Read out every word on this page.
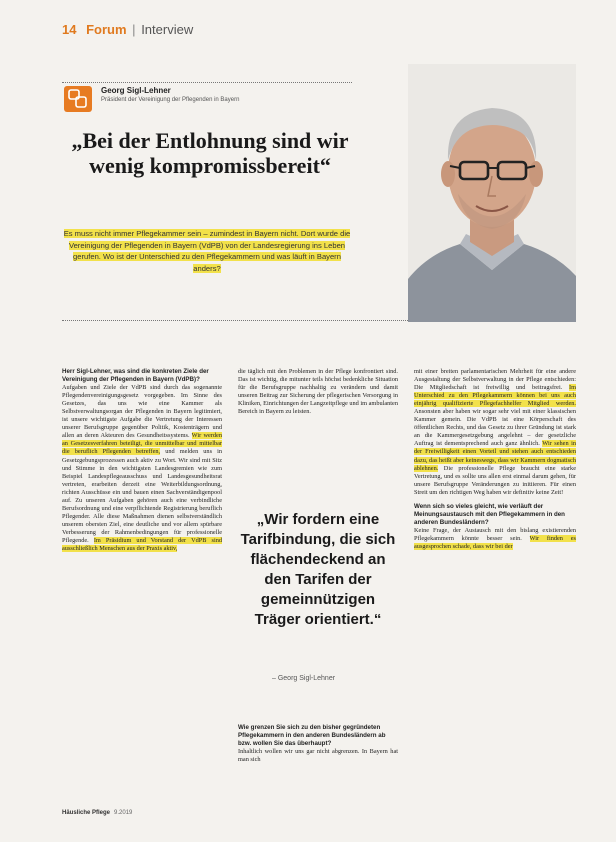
14 Forum | Interview
Georg Sigl-Lehner
Präsident der Vereinigung der Pflegenden in Bayern
„Bei der Entlohnung sind wir wenig kompromissbereit“
Es muss nicht immer Pflegekammer sein – zumindest in Bayern nicht. Dort wurde die Vereinigung der Pflegenden in Bayern (VdPB) von der Landesregierung ins Leben gerufen. Wo ist der Unterschied zu den Pflegekammern und was läuft in Bayern anders?

Herr Sigl-Lehner, was sind die konkreten Ziele der Vereinigung der Pflegenden in Bayern (VdPB)?

Aufgaben und Ziele der VdPB sind durch das sogenannte Pflegendenvereinigungsgesetz vorgegeben. Im Sinne des Gesetzes, das uns wie eine Kammer als Selbstverwaltungsorgan der Pflegenden in Bayern legitimiert, ist unsere wichtigste Aufgabe die Vertretung der Interessen unserer Berufsgruppe gegenüber Politik, Kostenträgern und allen an deren Akteuren des Gesundheitssystems. Wir werden an Gesetzesverfahren beteiligt, die unmittelbar und mittelbar die beruflich Pflegenden betreffen, und melden uns in Gesetzgebungsprozessen auch aktiv zu Wort. Wir sind mit Sitz und Stimme in den wichtigsten Landesgremien wie zum Beispiel Landespflegeausschuss und Landesgesundheitsrat vertreten, erarbeiten derzeit eine Weiterbildungsordnung, richten Ausschüsse ein und bauen einen Sachverständigenpool auf. Zu unseren Aufgaben gehören auch eine verbindliche Berufsordnung und eine verpflichtende Registrierung beruflich Pflegender. Alle diese Maßnahmen dienen selbstverständlich unserem obersten Ziel, eine deutliche und vor allem spürbare Verbesserung der Rahmenbedingungen für professionelle Pflegende. Im Präsidium und Vorstand der VdPB sind ausschließlich Menschen aus der Praxis aktiv,

die täglich mit den Problemen in der Pflege konfrontiert sind. Das ist wichtig, die mitunter teils höchst bedenkliche Situation für die Berufsgruppe nachhaltig zu verändern und damit unseren Beitrag zur Sicherung der pflegerischen Versorgung in Kliniken, Einrichtungen der Langzeitpflege und im ambulanten Bereich in Bayern zu leisten.

„Wir fordern eine Tarifbindung, die sich flächendeckend an den Tarifen der gemeinnützigen Träger orientiert.“
– Georg Sigl-Lehner

Wie grenzen Sie sich zu den bisher gegründeten Pflegekammern in den anderen Bundesländern ab bzw. wollen Sie das überhaupt?

Inhaltlich wollen wir uns gar nicht abgrenzen. In Bayern hat man sich

mit einer breiten parlamentarischen Mehrheit für eine andere Ausgestaltung der Selbstverwaltung in der Pflege entschieden: Die Mitgliedschaft ist freiwillig und beitragsfrei. Im Unterschied zu den Pflegekammern können bei uns auch einjährig qualifizierte Pflegefachhelfer Mitglied werden. Ansonsten aber haben wir sogar sehr viel mit einer klassischen Kammer gemein. Die VdPB ist eine Körperschaft des öffentlichen Rechts, und das Gesetz zu ihrer Gründung ist stark an die Kammergesetzgebung angelehnt – der gesetzliche Auftrag ist dementsprechend auch ganz ähnlich. Wir sehen in der Freiwilligkeit einen Vorteil und stehen auch entschieden dazu, das heißt aber keineswegs, dass wir Kammern dogmatisch ablehnen. Die professionelle Pflege braucht eine starke Vertretung, und es sollte uns allen erst einmal darum gehen, für unsere Berufsgruppe Veränderungen zu initiieren. Für einen Streit um den richtigen Weg haben wir definitiv keine Zeit!

Wenn sich so vieles gleicht, wie verläuft der Meinungsaustausch mit den Pflegekammern in den anderen Bundesländern?

Keine Frage, der Austausch mit den bislang existierenden Pflegekammern könnte besser sein. Wir finden es ausgesprochen schade, dass wir bei der

Häusliche Pflege 9.2019
